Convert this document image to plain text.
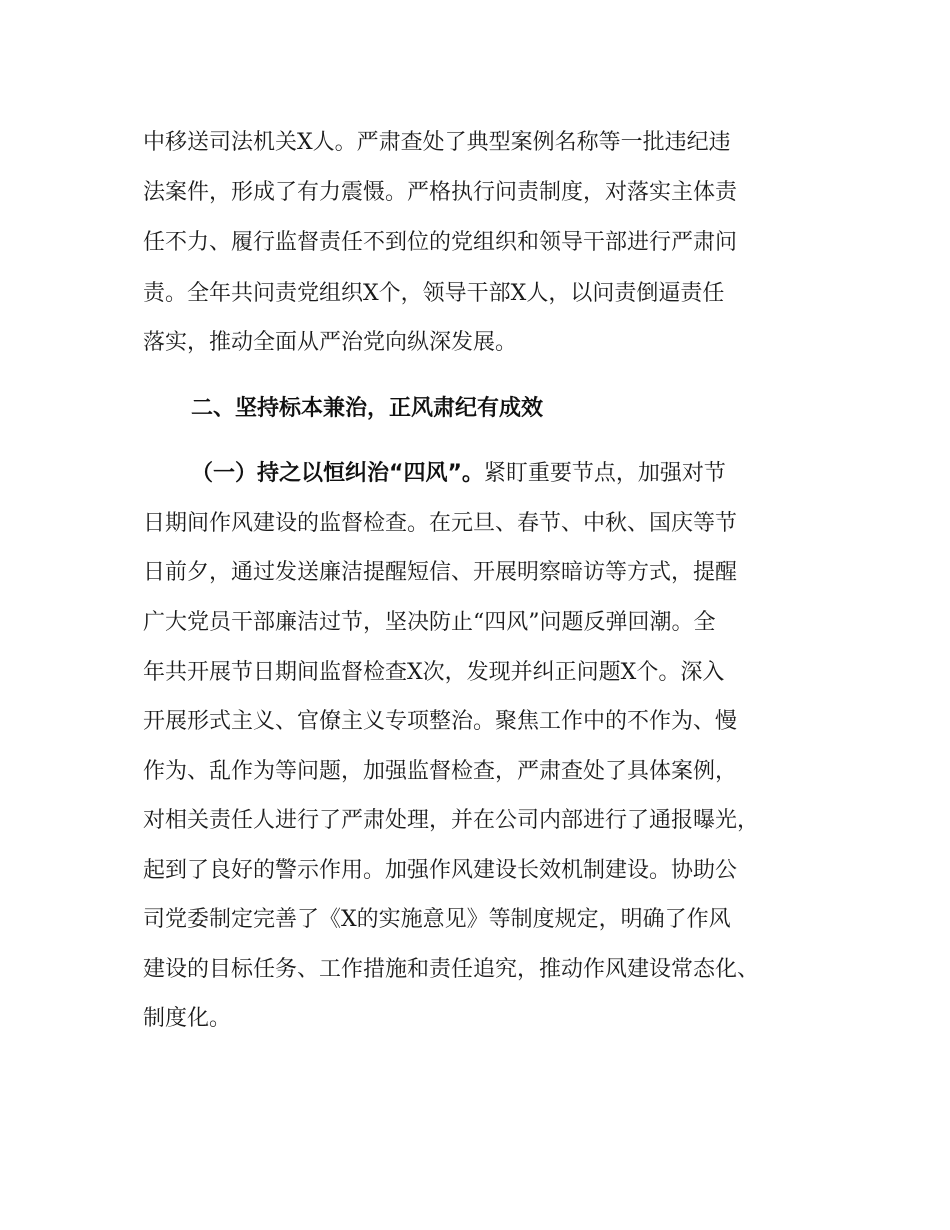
中移送司法机关X人。严肃查处了典型案例名称等一批违纪违
法案件，形成了有力震慑。严格执行问责制度，对落实主体责
任不力、履行监督责任不到位的党组织和领导干部进行严肃问
责。全年共问责党组织X个，领导干部X人，以问责倒逼责任
落实，推动全面从严治党向纵深发展。
二、坚持标本兼治，正风肃纪有成效
（一）持之以恒纠治“四风”。紧盯重要节点，加强对节
日期间作风建设的监督检查。在元旦、春节、中秋、国庆等节
日前夕，通过发送廉洁提醒短信、开展明察暗访等方式，提醒
广大党员干部廉洁过节，坚决防止“四风”问题反弹回潮。全
年共开展节日期间监督检查X次，发现并纠正问题X个。深入
开展形式主义、官僚主义专项整治。聚焦工作中的不作为、慢
作为、乱作为等问题，加强监督检查，严肃查处了具体案例，
对相关责任人进行了严肃处理，并在公司内部进行了通报曝光，
起到了良好的警示作用。加强作风建设长效机制建设。协助公
司党委制定完善了《X的实施意见》等制度规定，明确了作风
建设的目标任务、工作措施和责任追究，推动作风建设常态化、
制度化。
